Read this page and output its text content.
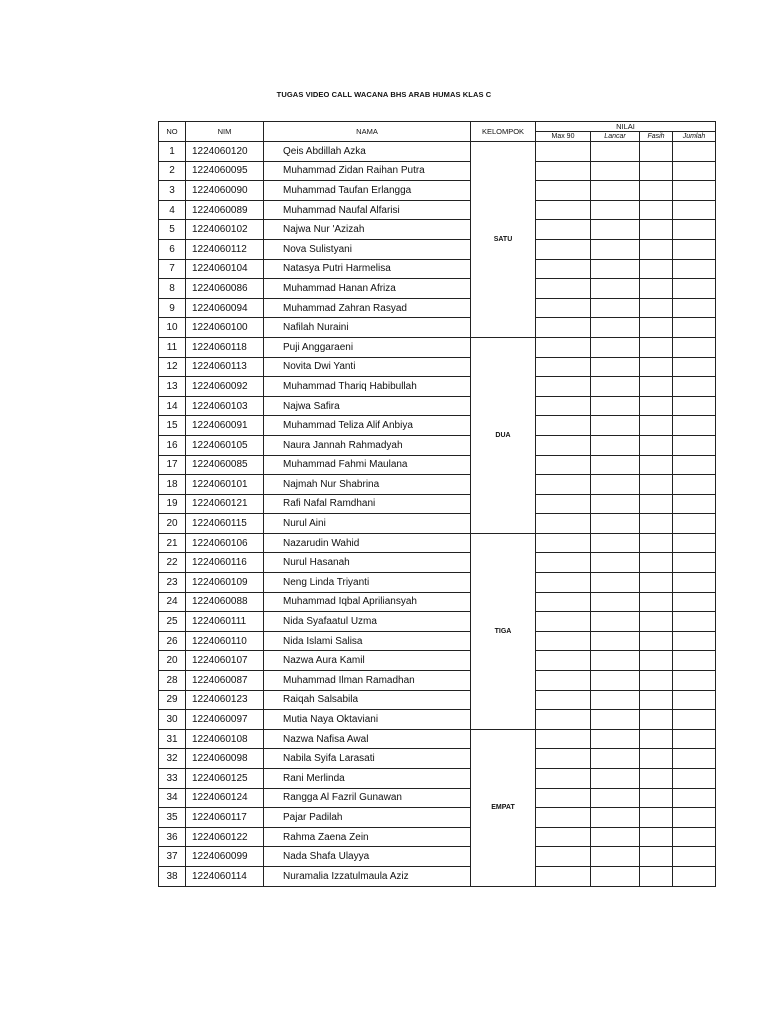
TUGAS VIDEO CALL WACANA BHS ARAB HUMAS KLAS C
NO	NIM	NAMA	KELOMPOK	NILAI			
				Max 90	Lancar	Fasih	Jumlah
1	1224060120	Qeis Abdillah Azka	SATU				
2	1224060095	Muhammad Zidan Raihan Putra					
3	1224060090	Muhammad Taufan Erlangga					
4	1224060089	Muhammad Naufal Alfarisi					
5	1224060102	Najwa Nur 'Azizah					
6	1224060112	Nova Sulistyani					
7	1224060104	Natasya Putri Harmelisa					
8	1224060086	Muhammad Hanan Afriza					
9	1224060094	Muhammad Zahran Rasyad					
10	1224060100	Nafilah Nuraini					
11	1224060118	Puji Anggaraeni	DUA				
12	1224060113	Novita Dwi Yanti					
13	1224060092	Muhammad Thariq Habibullah					
14	1224060103	Najwa Safira					
15	1224060091	Muhammad Teliza Alif Anbiya					
16	1224060105	Naura Jannah Rahmadyah					
17	1224060085	Muhammad Fahmi Maulana					
18	1224060101	Najmah Nur Shabrina					
19	1224060121	Rafi Nafal Ramdhani					
20	1224060115	Nurul Aini					
21	1224060106	Nazarudin Wahid	TIGA				
22	1224060116	Nurul Hasanah					
23	1224060109	Neng Linda Triyanti					
24	1224060088	Muhammad Iqbal Apriliansyah					
25	1224060111	Nida Syafaatul Uzma					
26	1224060110	Nida Islami Salisa					
20	1224060107	Nazwa Aura Kamil					
28	1224060087	Muhammad Ilman Ramadhan					
29	1224060123	Raiqah Salsabila					
30	1224060097	Mutia Naya Oktaviani					
31	1224060108	Nazwa Nafisa Awal	EMPAT				
32	1224060098	Nabila Syifa Larasati					
33	1224060125	Rani Merlinda					
34	1224060124	Rangga Al Fazril Gunawan					
35	1224060117	Pajar Padilah					
36	1224060122	Rahma Zaena Zein					
37	1224060099	Nada Shafa Ulayya					
38	1224060114	Nuramalia Izzatulmaula Aziz					
